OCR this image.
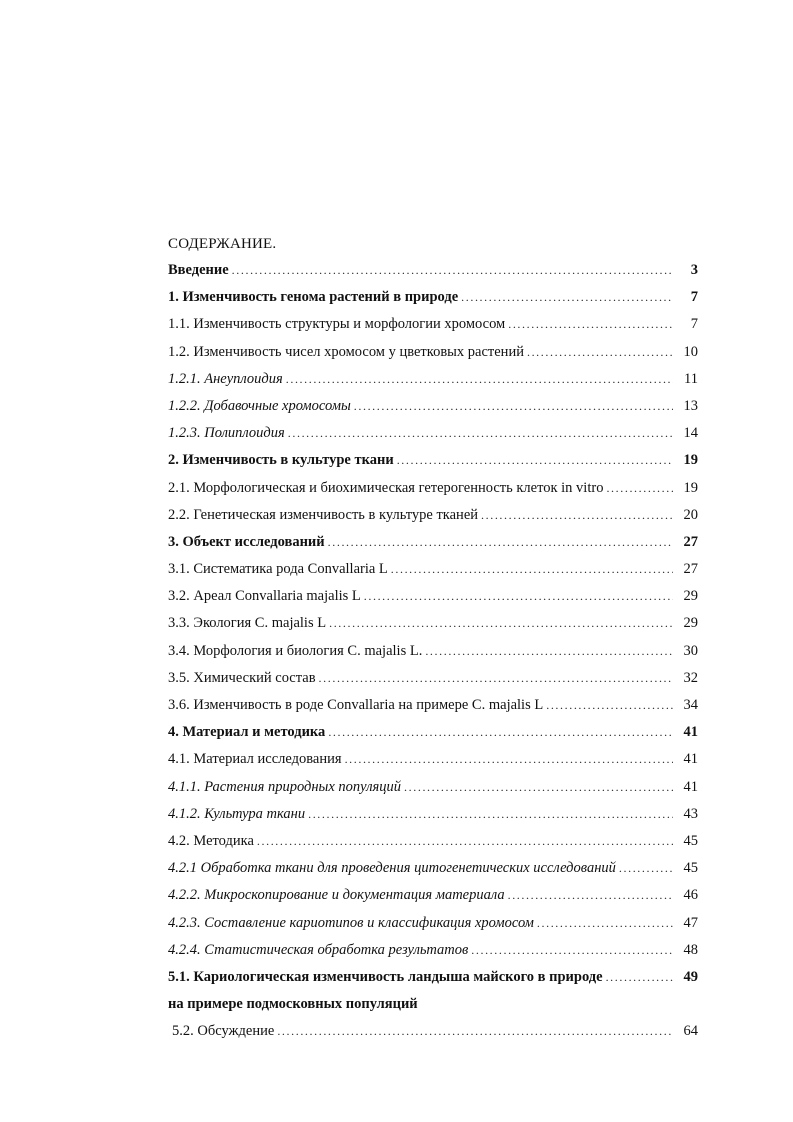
СОДЕРЖАНИЕ.
Введение .....	3
1. Изменчивость генома растений в природе .....	7
1.1. Изменчивость структуры и морфологии хромосом .....	7
1.2. Изменчивость чисел хромосом у цветковых растений .....	10
1.2.1. Анеуплоидия .....	11
1.2.2. Добавочные хромосомы .....	13
1.2.3. Полиплоидия .....	14
2. Изменчивость в культуре ткани .....	19
2.1. Морфологическая и биохимическая гетерогенность клеток in vitro .....	19
2.2. Генетическая изменчивость в культуре тканей .....	20
3. Объект исследований .....	27
3.1. Систематика рода Convallaria L .....	27
3.2. Ареал Convallaria majalis L .....	29
3.3. Экология C. majalis L .....	29
3.4. Морфология и биология С. majalis L. .....	30
3.5. Химический состав .....	32
3.6. Изменчивость в роде Convallaria на примере С. majalis L .....	34
4. Материал и методика .....	41
4.1. Материал исследования .....	41
4.1.1. Растения природных популяций .....	41
4.1.2. Культура ткани .....	43
4.2. Методика .....	45
4.2.1 Обработка ткани для проведения цитогенетических исследований .....	45
4.2.2. Микроскопирование и документация материала .....	46
4.2.3. Составление кариотипов и классификация хромосом .....	47
4.2.4. Статистическая обработка результатов .....	48
5.1. Кариологическая изменчивость ландыша майского в природе .....	49
на примере подмосковных популяций
5.2. Обсуждение .....	64
